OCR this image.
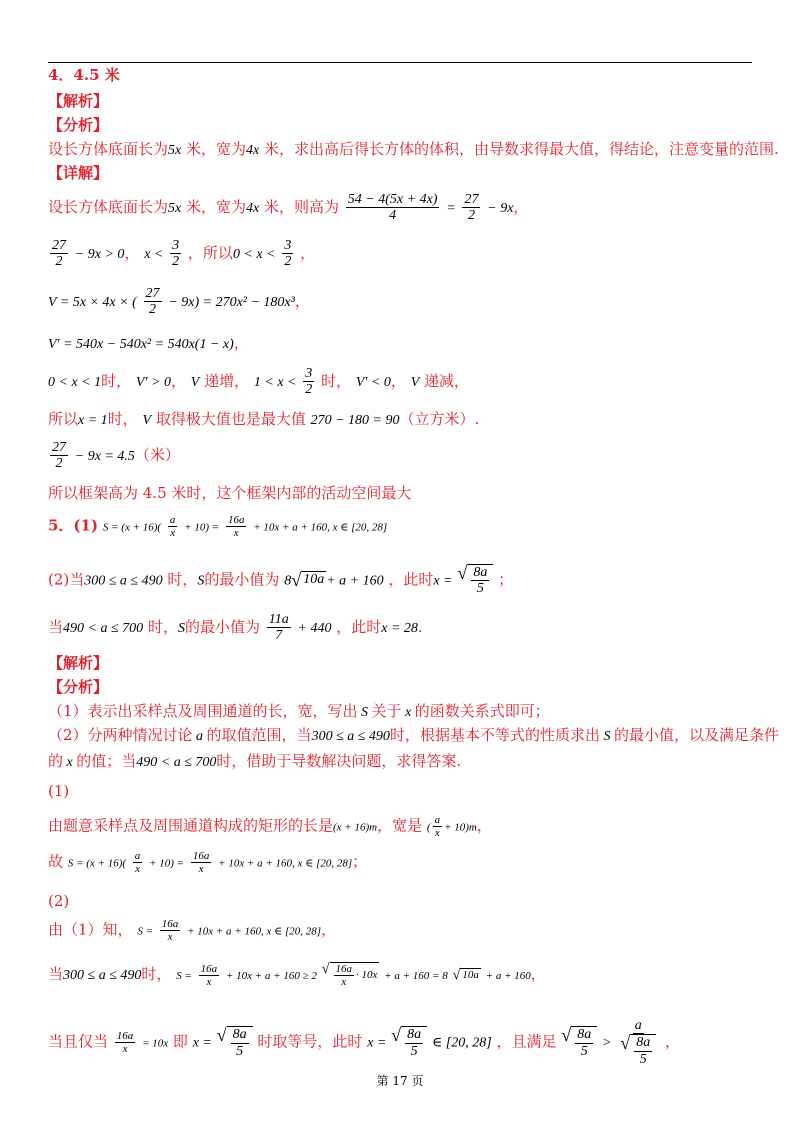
4．4.5 米
【解析】
【分析】
设长方体底面长为5x 米，宽为4x 米，求出高后得长方体的体积，由导数求得最大值，得结论，注意变量的范围.
【详解】
设长方体底面长为5x 米，宽为4x 米，则高为 $\frac{54 - 4(5x + 4x)}{4} = \frac{27}{2} - 9x$，
$\frac{27}{2} - 9x > 0$， $x < \frac{3}{2}$ ，所以$0 < x < \frac{3}{2}$ ，
V = 5x × 4x × ( $\frac{27}{2} - 9x) = 270x^2 - 180x^3$，
V′ = 540x − 540x² = 540x(1 − x)，
0 < x < 1时， V′ > 0， V 递增， $1 < x < \frac{3}{2}$ 时， V′ < 0， V 递减，
所以x = 1时， V 取得极大值也是最大值 270 − 180 = 90（立方米）.
$\frac{27}{2} - 9x = 4.5$（米）
所以框架高为 4.5 米时，这个框架内部的活动空间最大
5．(1) $S = (x + 16)( \frac{a}{x} + 10) = \frac{16a}{x} + 10x + a + 160$, x ∈ [20, 28]
(2)当300 ≤ a ≤ 490 时，S的最小值为 8 √ 10a + a + 160 ，此时x = √ $\frac{8a}{5}$ ；
当490 < a ≤ 700 时，S的最小值为 $\frac{11a}{7} + 440$ ，此时x = 28.
【解析】
【分析】
（1）表示出采样点及周围通道的长，宽，写出 S 关于 x 的函数关系式即可；
（2）分两种情况讨论 a 的取值范围，当300 ≤ a ≤ 490时，根据基本不等式的性质求出 S 的最小值，以及满足条件
的 x 的值；当490 < a ≤ 700时，借助于导数解决问题，求得答案.
(1)
由题意采样点及周围通道构成的矩形的长是(x + 16)m，宽是 ( $\frac{a}{x} + 10)m$，
故 $S = (x + 16)( \frac{a}{x} + 10) = \frac{16a}{x} + 10x + a + 160$, x ∈ [20, 28]；
(2)
由（1）知， $S = \frac{16a}{x} + 10x + a + 160$, x ∈ [20, 28]，
当300 ≤ a ≤ 490时， $S = \frac{16a}{x} + 10x + a + 160 \ge 2$ √ $\frac{16a}{x} \cdot 10x + a + 160 = 8$ √ 10a + a + 160，
当且仅当 $\frac{16a}{x} = 10x$ 即 x = √ $\frac{8a}{5}$ 时取等号，此时 x = √ $\frac{8a}{5}$ ∈ [20, 28] ，且满足 √ $\frac{8a}{5} > \frac{a}{√ \frac{8a}{5}}$ ，
第 17 页
